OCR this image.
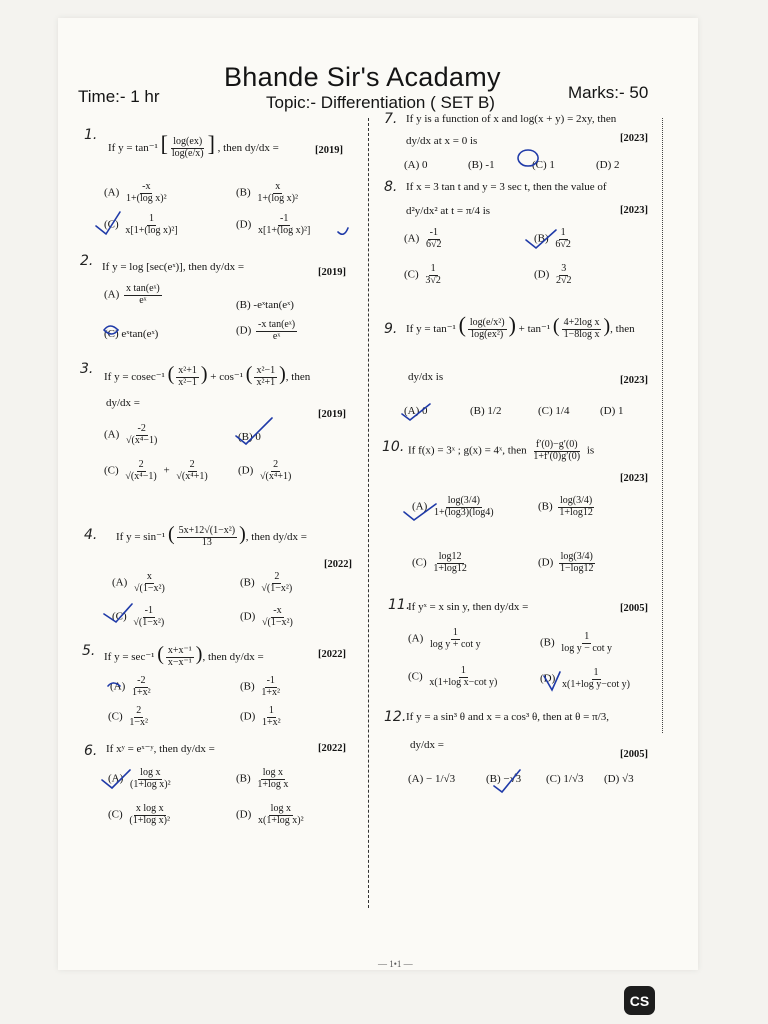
Bhande Sir's Acadamy
Time:- 1 hr	Topic:- Differentiation ( SET B)
Marks:- 50
1.
If y = tan⁻¹ [ $\frac{\log(ex)}{\log(e/x)}$ ] , then dy/dx =	[2019]
$(A) \frac{-x}{\text{1+(log x)²}}$	$(B) \frac{x}{\text{1+(log x)²}}$
$(C) \frac{1}{\text{x[1+(log x)²]}}$	$(D) \frac{-1}{\text{x[1+(log x)²]}}$
2. If y = log [sec(eˣ)], then dy/dx =	[2019]
$(A) \frac{\text{x tan(eˣ)}}{\text{eˣ}}$	(B) -eˣtan(eˣ)
(C) eˣtan(eˣ)	$(D) \frac{\text{-x tan(eˣ)}}{\text{eˣ}}$
3. If y = cosec⁻¹ ( $\frac{\text{x²+1}}{\text{x²−1}}$ ) + cos⁻¹ ( $\frac{\text{x²−1}}{\text{x²+1}}$ ), then
dy/dx =
[2019]
$(A) \frac{-2}{\text{√(x⁴−1)}}$	(B) 0
$(C) \frac{2}{\text{√(x⁴−1)}} + \frac{2}{\text{√(x⁴+1)}}$	$(D) \frac{2}{\text{√(x⁴+1)}}$
4. If y = sin⁻¹ ( $\frac{\text{5x+12√(1−x²)}}{13}$ ), then dy/dx =
[2022]
$(A) \frac{x}{\text{√(1−x²)}}$	$(B) \frac{2}{\text{√(1−x²)}}$
$(C) \frac{-1}{\text{√(1−x²)}}$	$(D) \frac{-x}{\text{√(1−x²)}}$
5. If y = sec⁻¹ ( $\frac{\text{x+x⁻¹}}{\text{x−x⁻¹}}$ ), then dy/dx =	[2022]
$(A) \frac{-2}{\text{1+x²}}$	$(B) \frac{-1}{\text{1+x²}}$
$(C) \frac{2}{\text{1−x²}}$	$(D) \frac{1}{\text{1+x²}}$
6. If xʸ = eˣ⁻ʸ, then dy/dx =	[2022]
$(A) \frac{\text{log x}}{\text{(1+log x)²}}$	$(B) \frac{\text{log x}}{\text{1+log x}}$
$(C) \frac{\text{x log x}}{\text{(1+log x)²}}$	$(D) \frac{\text{log x}}{\text{x(1+log x)²}}$
7. If y is a function of x and log(x + y) = 2xy, then
dy/dx at x = 0 is	[2023]
(A) 0	(B) -1	(C) 1	(D) 2
8. If x = 3 tan t and y = 3 sec t, then the value of
d²y/dx² at t = π/4 is	[2023]
$(A) \frac{-1}{6√2}$	$(B) \frac{1}{6√2}$
$(C) \frac{1}{3√2}$	$(D) \frac{3}{2√2}$
9. If y = tan⁻¹ ( $\frac{\text{log(e/x²)}}{\text{log(ex²)}}$ ) + tan⁻¹ ( $\frac{\text{4+2log x}}{\text{1−8log x}}$ ), then
dy/dx is	[2023]
(A) 0	(B) 1/2	(C) 1/4	(D) 1
10. If f(x) = 3ˣ ; g(x) = 4ˣ, then $\frac{f'(0)-g'(0)}{1+f'(0)g'(0)}$ is
[2023]
$(A) \frac{\log(3/4)}{1+(\log 3)(\log 4)}$	$(B) \frac{\log(3/4)}{1+\log 12}$
$(C) \frac{\log 12}{1+\log 12}$	$(D) \frac{\log(3/4)}{1-\log 12}$
11.
If yˣ = x sin y, then dy/dx =	[2005]
$(A) \frac{1}{\text{log y + cot y}}$	$(B) \frac{1}{\text{log y − cot y}}$
$(C) \frac{1}{\text{x(1+log x−cot y)}}$	$(D) \frac{1}{\text{x(1+log y−cot y)}}$
12. If y = a sin³ θ and x = a cos³ θ, then at θ = π/3,
dy/dx =
[2005]
(A) − 1/√3	(B) −√3 (C) 1/√3 (D) √3
— 1•1 —
CS
